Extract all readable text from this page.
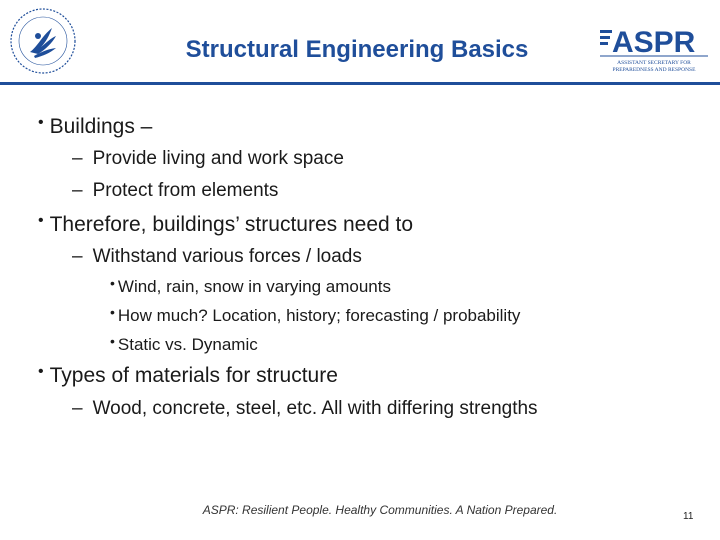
Structural Engineering Basics	ASPR
ASSISTANT SECRETARY FOR
PREPAREDNESS AND RESPONSE
• Buildings –
– Provide living and work space
– Protect from elements
• Therefore, buildings’ structures need to
– Withstand various forces / loads
• Wind, rain, snow in varying amounts
• How much? Location, history; forecasting / probability
• Static vs. Dynamic
• Types of materials for structure
– Wood, concrete, steel, etc. All with differing strengths
ASPR: Resilient People. Healthy Communities. A Nation Prepared.	11
